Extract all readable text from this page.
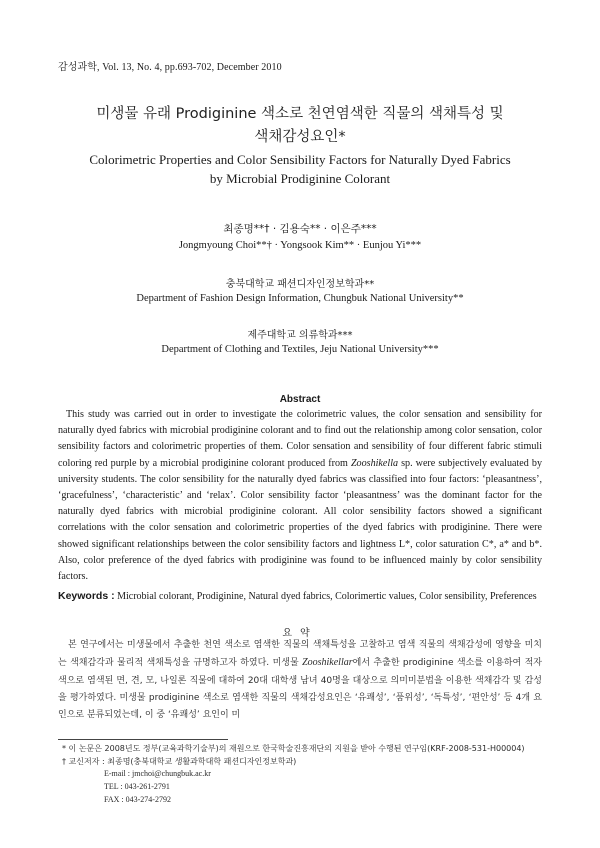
감성과학, Vol. 13, No. 4, pp.693-702, December 2010
미생물 유래 Prodiginine 색소로 천연염색한 직물의 색채특성 및
색채감성요인*
Colorimetric Properties and Color Sensibility Factors for Naturally Dyed Fabrics
by Microbial Prodiginine Colorant
최종명**† · 김용숙** · 이은주***
Jongmyoung Choi**† · Yongsook Kim** · Eunjou Yi***
충북대학교 패션디자인정보학과**
Department of Fashion Design Information, Chungbuk National University**
제주대학교 의류학과***
Department of Clothing and Textiles, Jeju National University***
Abstract
This study was carried out in order to investigate the colorimetric values, the color sensation and sensibility for naturally dyed fabrics with microbial prodiginine colorant and to find out the relationship among color sensation, color sensibility factors and colorimetric properties of them. Color sensation and sensibility of four different fabric stimuli coloring red purple by a microbial prodiginine colorant produced from Zooshikella sp. were subjectively evaluated by university students. The color sensibility for the naturally dyed fabrics was classified into four factors: ‘pleasantness’, ‘gracefulness’, ‘characteristic’ and ‘relax’. Color sensibility factor ‘pleasantness’ was the dominant factor for the naturally dyed fabrics with microbial prodiginine colorant. All color sensibility factors showed a significant correlations with the color sensation and colorimetric properties of the dyed fabrics with prodiginine. There were showed significant relationships between the color sensibility factors and lightness L*, color saturation C*, a* and b*. Also, color preference of the dyed fabrics with prodiginine was found to be influenced mainly by color sensibility factors.
Keywords : Microbial colorant, Prodiginine, Natural dyed fabrics, Colorimertic values, Color sensibility, Preferences
요약
본 연구에서는 미생물에서 추출한 천연 색소로 염색한 직물의 색채특성을 고찰하고 염색 직물의 색채감성에 영향을 미치는 색채감각과 물리적 색채특성을 규명하고자 하였다. 미생물 Zooshikellar에서 추출한 prodiginine 색소를 이용하여 적자색으로 염색된 면, 견, 모, 나일론 직물에 대하여 20대 대학생 남녀 40명을 대상으로 의미미분법을 이용한 색채감각 및 감성을 평가하였다. 미생물 prodiginine 색소로 염색한 직물의 색채감성요인은 ‘유쾌성’, ‘품위성’, ‘독특성’, ‘편안성’ 등 4개 요인으로 분류되었는데, 이 중 ‘유쾌성’ 요인이 미
* 이 논문은 2008년도 정부(교육과학기술부)의 재원으로 한국학술진흥재단의 지원을 받아 수행된 연구임(KRF-2008-531-H00004)
† 교신저자 : 최종명(충북대학교 생활과학대학 패션디자인정보학과)
E-mail : jmchoi@chungbuk.ac.kr
TEL : 043-261-2791
FAX : 043-274-2792
